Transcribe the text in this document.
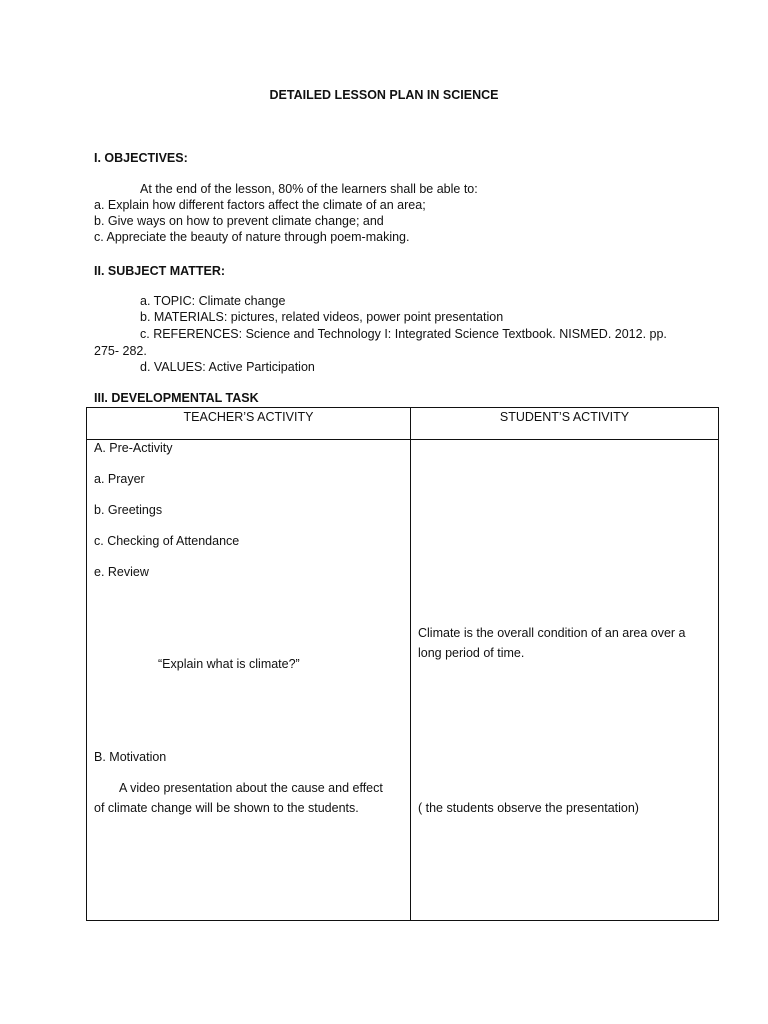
DETAILED LESSON PLAN IN SCIENCE
I. OBJECTIVES:
At the end of the lesson, 80% of the learners shall be able to:
a. Explain how different factors affect the climate of an area;
b. Give ways on how to prevent climate change; and
c. Appreciate the beauty of nature through poem-making.
II. SUBJECT MATTER:
a. TOPIC: Climate change
b. MATERIALS: pictures, related videos, power point presentation
c. REFERENCES: Science and Technology I: Integrated Science Textbook. NISMED. 2012. pp.
275- 282.
d. VALUES: Active Participation
III. DEVELOPMENTAL TASK
TEACHER’S ACTIVITY	STUDENT’S ACTIVITY
A. Pre-Activity
a. Prayer
b. Greetings
c. Checking of Attendance
e. Review
“Explain what is climate?”
B. Motivation
A video presentation about the cause and effect
of climate change will be shown to the students.
Climate is the overall condition of an area over a
long period of time.
( the students observe the presentation)
